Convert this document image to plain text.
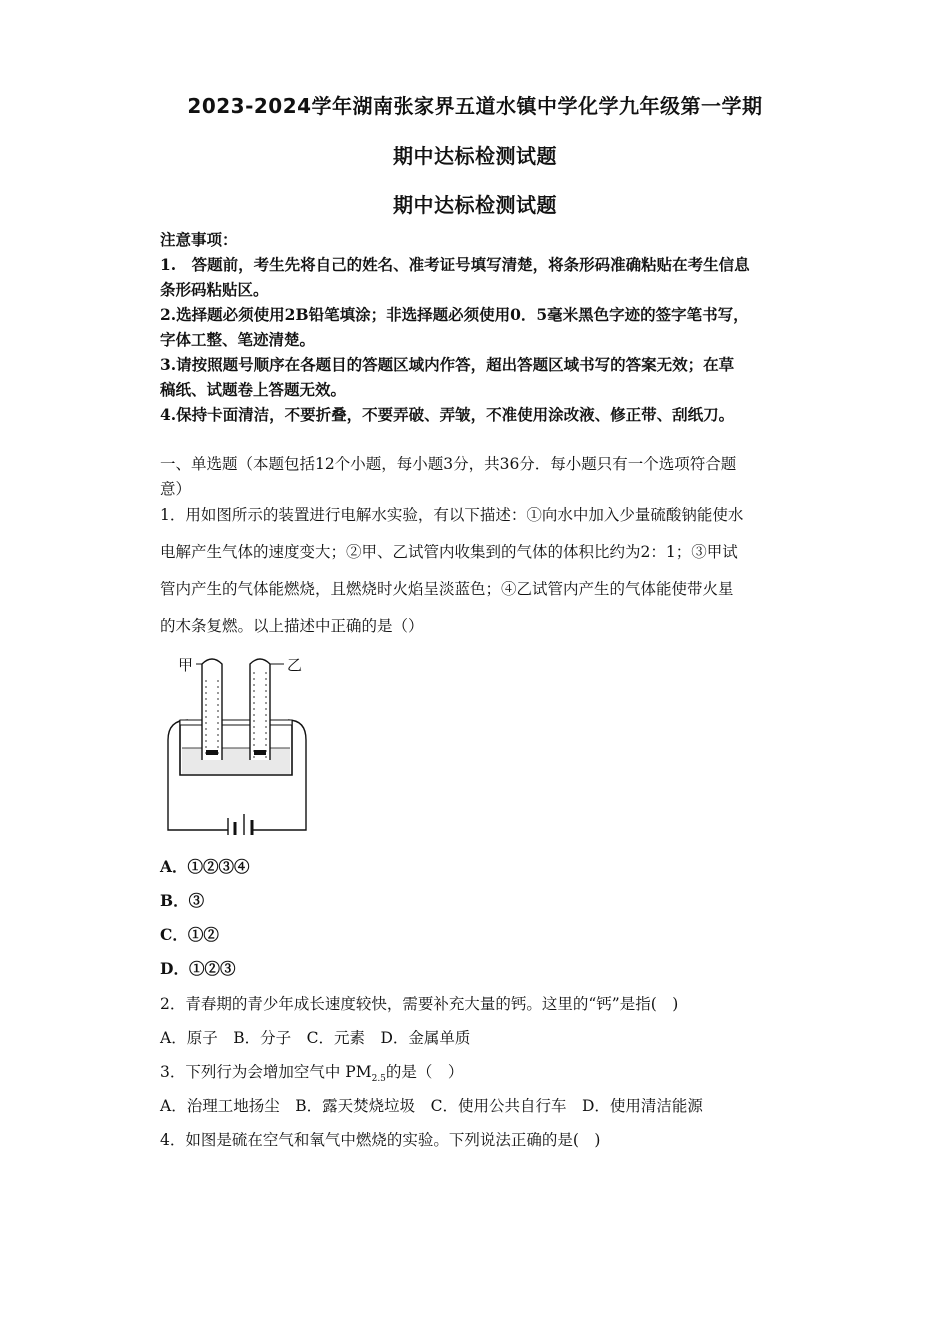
2023-2024学年湖南张家界五道水镇中学化学九年级第一学期
期中达标检测试题
期中达标检测试题
注意事项：
1.　答题前，考生先将自己的姓名、准考证号填写清楚，将条形码准确粘贴在考生信息
条形码粘贴区。
2.选择题必须使用2B铅笔填涂；非选择题必须使用0．5毫米黑色字迹的签字笔书写，
字体工整、笔迹清楚。
3.请按照题号顺序在各题目的答题区域内作答，超出答题区域书写的答案无效；在草
稿纸、试题卷上答题无效。
4.保持卡面清洁，不要折叠，不要弄破、弄皱，不准使用涂改液、修正带、刮纸刀。
一、单选题（本题包括12个小题，每小题3分，共36分．每小题只有一个选项符合题
意）
1．用如图所示的装置进行电解水实验，有以下描述：①向水中加入少量硫酸钠能使水
电解产生气体的速度变大；②甲、乙试管内收集到的气体的体积比约为2：1；③甲试
管内产生的气体能燃烧，且燃烧时火焰呈淡蓝色；④乙试管内产生的气体能使带火星
的木条复燃。以上描述中正确的是（）
甲	乙
A．①②③④
B．③
C．①②
D．①②③
2．青春期的青少年成长速度较快，需要补充大量的钙。这里的“钙”是指(　)
A．原子　B．分子　C．元素　D．金属单质
3．下列行为会增加空气中 $PM_{2.5}$的是（　）
A．治理工地扬尘　B．露天焚烧垃圾　C．使用公共自行车　D．使用清洁能源
4．如图是硫在空气和氧气中燃烧的实验。下列说法正确的是(　)
